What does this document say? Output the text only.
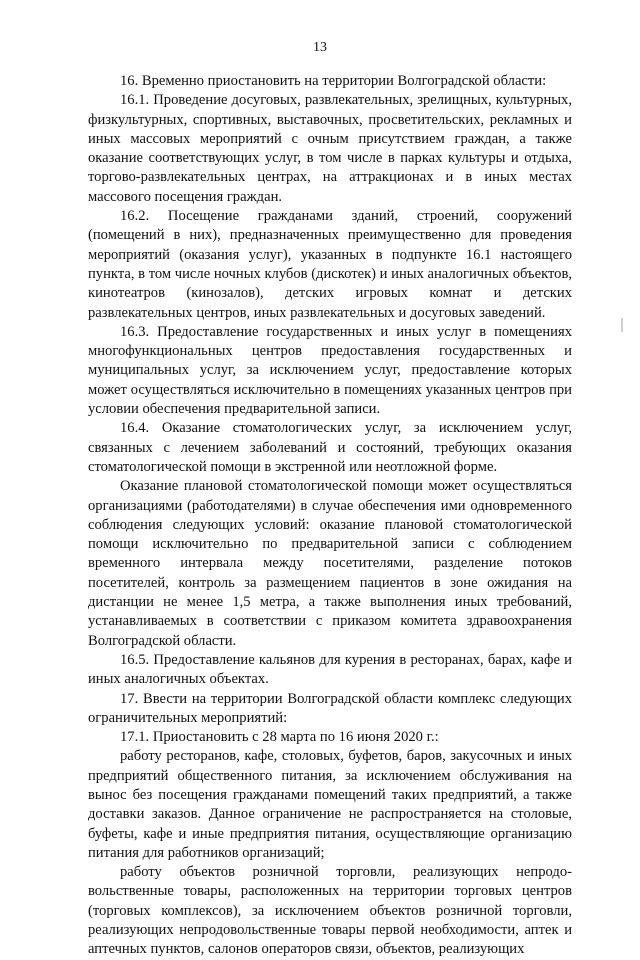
13

16. Временно приостановить на территории Волгоградской области:

16.1. Проведение досуговых, развлекательных, зрелищных, культурных, физкультурных, спортивных, выставочных, просветительских, рекламных и иных массовых мероприятий с очным присутствием граждан, а также оказание соответствующих услуг, в том числе в парках культуры и отдыха, торгово-развлекательных центрах, на аттракционах и в иных местах массового посещения граждан.

16.2. Посещение гражданами зданий, строений, сооружений (помещений в них), предназначенных преимущественно для проведения мероприятий (оказания услуг), указанных в подпункте 16.1 настоящего пункта, в том числе ночных клубов (дискотек) и иных аналогичных объектов, кинотеатров (кинозалов), детских игровых комнат и детских развлекательных центров, иных развлекательных и досуговых заведений.

16.3. Предоставление государственных и иных услуг в помещениях многофункциональных центров предоставления государственных и муниципальных услуг, за исключением услуг, предоставление которых может осуществляться исключительно в помещениях указанных центров при условии обеспечения предварительной записи.

16.4. Оказание стоматологических услуг, за исключением услуг, связанных с лечением заболеваний и состояний, требующих оказания стоматологической помощи в экстренной или неотложной форме.

Оказание плановой стоматологической помощи может осуществляться организациями (работодателями) в случае обеспечения ими одновременного соблюдения следующих условий: оказание плановой стоматологической помощи исключительно по предварительной записи с соблюдением временного интервала между посетителями, разделение потоков посетителей, контроль за размещением пациентов в зоне ожидания на дистанции не менее 1,5 метра, а также выполнения иных требований, устанавливаемых в соответствии с приказом комитета здравоохранения Волгоградской области.

16.5. Предоставление кальянов для курения в ресторанах, барах, кафе и иных аналогичных объектах.

17. Ввести на территории Волгоградской области комплекс следующих ограничительных мероприятий:

17.1. Приостановить с 28 марта по 16 июня 2020 г.:

работу ресторанов, кафе, столовых, буфетов, баров, закусочных и иных предприятий общественного питания, за исключением обслуживания на вынос без посещения гражданами помещений таких предприятий, а также доставки заказов. Данное ограничение не распространяется на столовые, буфеты, кафе и иные предприятия питания, осуществляющие организацию питания для работников организаций;

работу объектов розничной торговли, реализующих непродовольственные товары, расположенных на территории торговых центров (торговых комплексов), за исключением объектов розничной торговли, реализующих непродовольственные товары первой необходимости, аптек и аптечных пунктов, салонов операторов связи, объектов, реализующих
